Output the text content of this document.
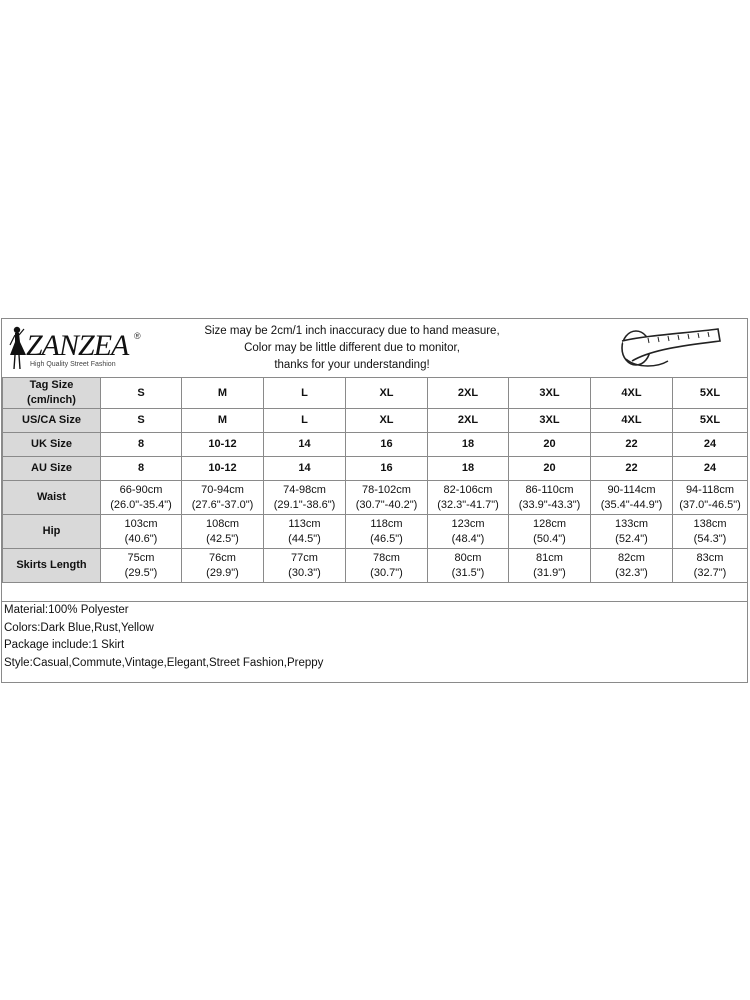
ZANZEA ®
High Quality Street Fashion
Size may be 2cm/1 inch inaccuracy due to hand measure,
Color may be little different due to monitor,
thanks for your understanding!
Tag Size
(cm/inch)	S	M	L	XL	2XL	3XL	4XL	5XL

US/CA Size	S	M	L	XL	2XL	3XL	4XL	5XL

UK Size	8	10-12	14	16	18	20	22	24

AU Size	8	10-12	14	16	18	20	22	24

Waist	66-90cm
(26.0"-35.4")	70-94cm
(27.6"-37.0")	74-98cm
(29.1"-38.6")	78-102cm
(30.7"-40.2")	82-106cm
(32.3"-41.7")	86-110cm
(33.9"-43.3")	90-114cm
(35.4"-44.9")	94-118cm
(37.0"-46.5")

Hip	103cm
(40.6")	108cm
(42.5")	113cm
(44.5")	118cm
(46.5")	123cm
(48.4")	128cm
(50.4")	133cm
(52.4")	138cm
(54.3")

Skirts Length	75cm
(29.5")	76cm
(29.9")	77cm
(30.3")	78cm
(30.7")	80cm
(31.5")	81cm
(31.9")	82cm
(32.3")	83cm
(32.7")
Material:100% Polyester
Colors:Dark Blue,Rust,Yellow
Package include:1 Skirt
Style:Casual,Commute,Vintage,Elegant,Street Fashion,Preppy
